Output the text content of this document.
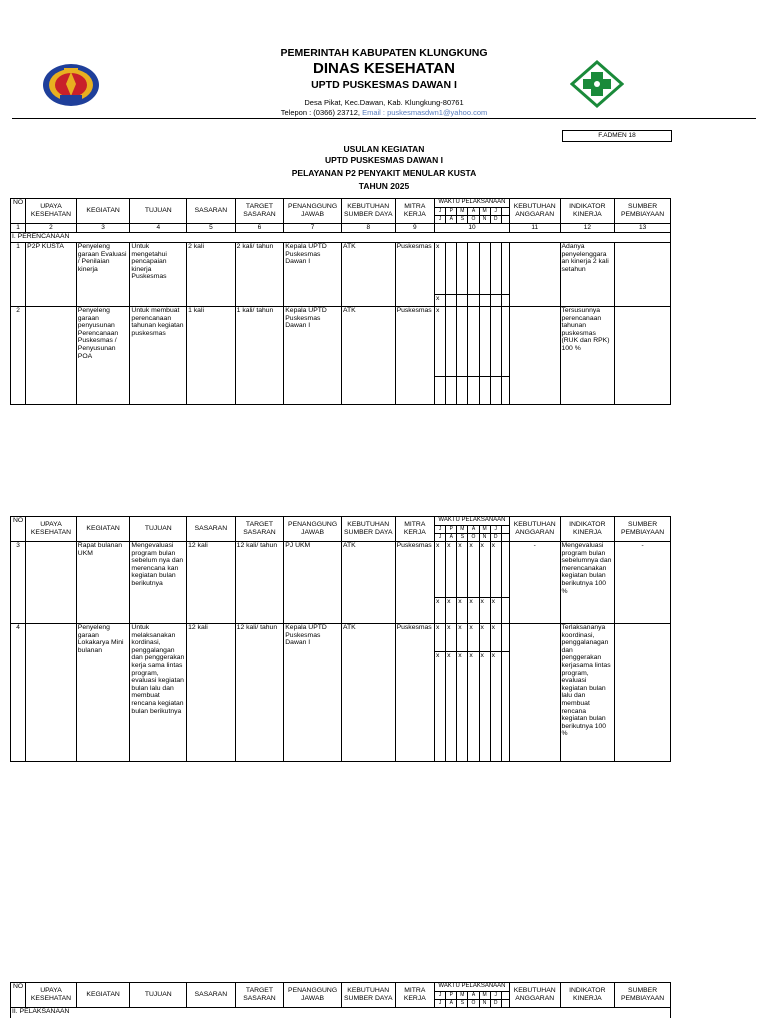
PEMERINTAH KABUPATEN KLUNGKUNG
DINAS KESEHATAN
UPTD PUSKESMAS DAWAN I
Desa Pikat, Kec.Dawan, Kab. Klungkung-80761
Telepon : (0366) 23712, Email : puskesmasdwn1@yahoo.com
F.ADMEN 18
USULAN KEGIATAN
UPTD PUSKESMAS DAWAN I
PELAYANAN P2 PENYAKIT MENULAR KUSTA
TAHUN 2025
NO	UPAYA KESEHATAN	KEGIATAN	TUJUAN	SASARAN	TARGET SASARAN	PENANGGUNG JAWAB	KEBUTUHAN SUMBER DAYA	MITRA KERJA	WAKTU PELAKSANAAN							KEBUTUHAN ANGGARAN	INDIKATOR KINERJA	SUMBER PEMBIAYAAN
									J	P	M	A	M	J				
									J	A	S	O	N	D				
1	2	3	4	5	6	7	8	9	10							11	12	13
I. PERENCANAAN																		
1	P2P KUSTA	Penyeleng garaan Evaluasi / Penilaian kinerja	Untuk mengetahui pencapaian kinerja Puskesmas	2 kali	2 kali/ tahun	Kepala UPTD Puskesmas Dawan I	ATK	Puskesmas	x								Adanya penyelenggara an kinerja 2 kali setahun	
									x									
2		Penyeleng garaan penyusunan Perencanaan Puskesmas / Penyusunan POA	Untuk membuat perencanaan tahunan kegiatan puskesmas	1 kali	1 kali/ tahun	Kepala UPTD Puskesmas Dawan I	ATK	Puskesmas	x								Tersusunnya perencanaan tahunan puskesmas (RUK dan RPK) 100 %	

NO	UPAYA KESEHATAN	KEGIATAN	TUJUAN	SASARAN	TARGET SASARAN	PENANGGUNG JAWAB	KEBUTUHAN SUMBER DAYA	MITRA KERJA	WAKTU PELAKSANAAN							KEBUTUHAN ANGGARAN	INDIKATOR KINERJA	SUMBER PEMBIAYAAN
									J	P	M	A	M	J				
									J	A	S	O	N	D				
3		Rapat bulanan UKM	Mengevaluasi program bulan sebelum nya dan merencana kan kegiatan bulan berikutnya	12 kali	12 kali/ tahun	PJ UKM	ATK	Puskesmas	x	x	x	x	x	x		-	Mengevaluasi program bulan sebelumnya dan merencanakan kegiatan bulan berikutnya 100 %	-
									x	x	x	x	x	x				
4		Penyeleng garaan Lokakarya Mini bulanan	Untuk melaksanakan kordinasi, penggalangan dan penggerakan kerja sama lintas program, evaluasi kegiatan bulan lalu dan membuat rencana kegiatan bulan berikutnya	12 kali	12 kali/ tahun	Kepala UPTD Puskesmas Dawan I	ATK	Puskesmas	x	x	x	x	x	x			Terlaksananya koordinasi, penggalanagan dan penggerakan kerjasama lintas program, evaluasi kegiatan bulan lalu dan membuat rencana kegiatan bulan berikutnya 100 %	
									x	x	x	x	x	x				
NO	UPAYA KESEHATAN	KEGIATAN	TUJUAN	SASARAN	TARGET SASARAN	PENANGGUNG JAWAB	KEBUTUHAN SUMBER DAYA	MITRA KERJA	WAKTU PELAKSANAAN							KEBUTUHAN ANGGARAN	INDIKATOR KINERJA	SUMBER PEMBIAYAAN
									J	P	M	A	M	J				
									J	A	S	O	N	D				
II. PELAKSANAAN																		
